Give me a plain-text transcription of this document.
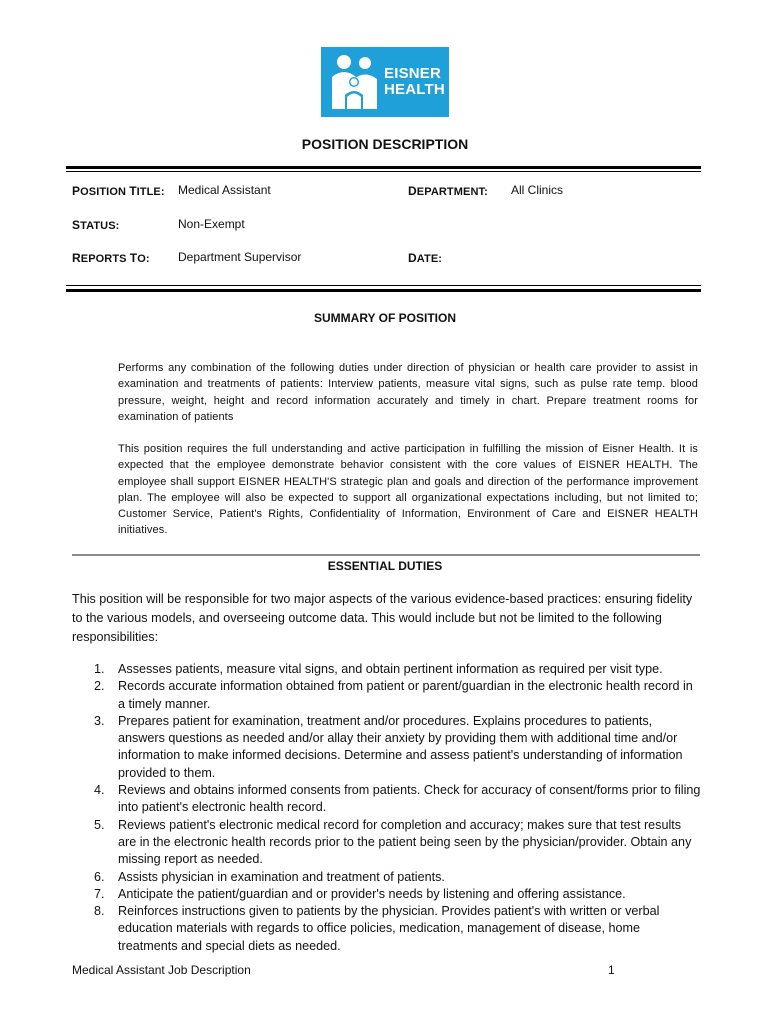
EISNER
HEALTH
POSITION DESCRIPTION
POSITION TITLE: Medical Assistant	DEPARTMENT: All Clinics
STATUS:	Non-Exempt
REPORTS TO: Department Supervisor	DATE:
SUMMARY OF POSITION
Performs any combination of the following duties under direction of physician or health care provider to assist in examination and treatments of patients: Interview patients, measure vital signs, such as pulse rate temp. blood pressure, weight, height and record information accurately and timely in chart. Prepare treatment rooms for examination of patients
This position requires the full understanding and active participation in fulfilling the mission of Eisner Health. It is expected that the employee demonstrate behavior consistent with the core values of EISNER HEALTH. The employee shall support EISNER HEALTH'S strategic plan and goals and direction of the performance improvement plan. The employee will also be expected to support all organizational expectations including, but not limited to; Customer Service, Patient's Rights, Confidentiality of Information, Environment of Care and EISNER HEALTH initiatives.
ESSENTIAL DUTIES
This position will be responsible for two major aspects of the various evidence-based practices: ensuring fidelity to the various models, and overseeing outcome data. This would include but not be limited to the following responsibilities:
1. Assesses patients, measure vital signs, and obtain pertinent information as required per visit type.
2. Records accurate information obtained from patient or parent/guardian in the electronic health record in a timely manner.
3. Prepares patient for examination, treatment and/or procedures. Explains procedures to patients, answers questions as needed and/or allay their anxiety by providing them with additional time and/or information to make informed decisions. Determine and assess patient's understanding of information provided to them.
4. Reviews and obtains informed consents from patients. Check for accuracy of consent/forms prior to filing into patient's electronic health record.
5. Reviews patient's electronic medical record for completion and accuracy; makes sure that test results are in the electronic health records prior to the patient being seen by the physician/provider. Obtain any missing report as needed.
6. Assists physician in examination and treatment of patients.
7. Anticipate the patient/guardian and or provider's needs by listening and offering assistance.
8. Reinforces instructions given to patients by the physician. Provides patient's with written or verbal education materials with regards to office policies, medication, management of disease, home treatments and special diets as needed.
Medical Assistant Job Description	1
